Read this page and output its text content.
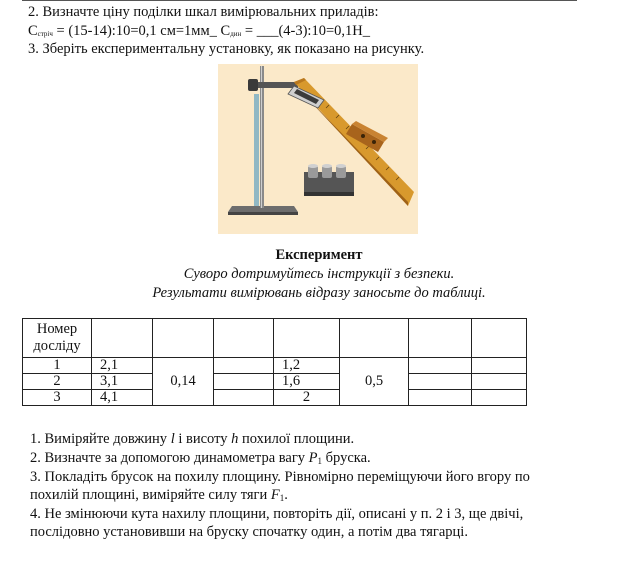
2. Визначте ціну поділки шкал вимірювальних приладів:
Сстріч = (15-14):10=0,1 см=1мм_ Сдин = ___(4-3):10=0,1Н_
3. Зберіть експериментальну установку, як показано на рисунку.
Експеримент
Суворо дотримуйтесь інструкції з безпеки.
Результати вимірювань відразу заносьте до таблиці.
Номер досліду								
1	2,1	0,14		1,2	0,5			
2	3,1			1,6				
3	4,1			2				
1. Виміряйте довжину l і висоту h похилої площини.
2. Визначте за допомогою динамометра вагу P1 бруска.
3. Покладіть брусок на похилу площину. Рівномірно переміщуючи його вгору по
похилій площині, виміряйте силу тяги F1.
4. Не змінюючи кута нахилу площини, повторіть дії, описані у п. 2 і 3, ще двічі,
послідовно установивши на бруску спочатку один, а потім два тягарці.
